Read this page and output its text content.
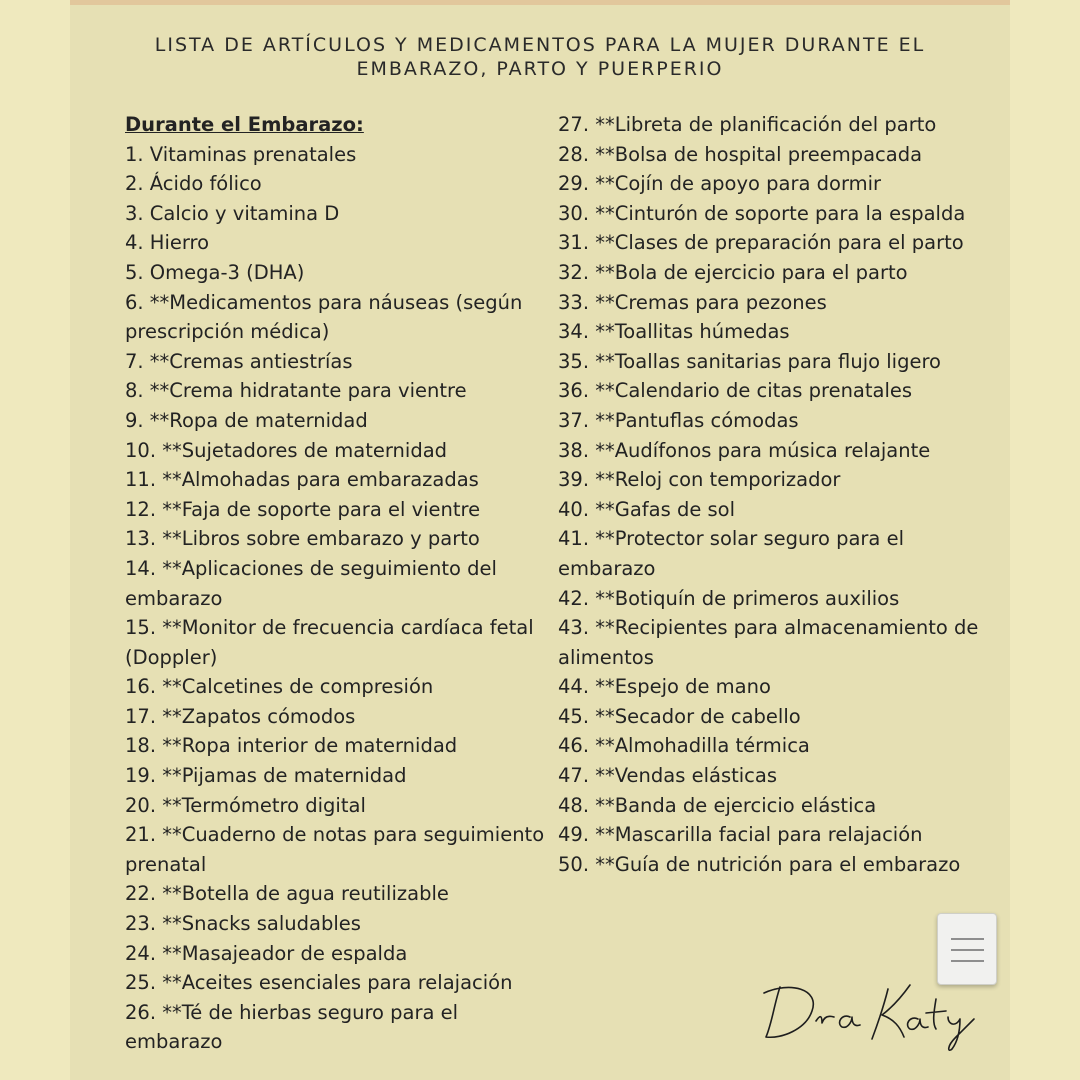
LISTA DE ARTÍCULOS Y MEDICAMENTOS PARA LA MUJER DURANTE EL
EMBARAZO, PARTO Y PUERPERIO
Durante el Embarazo:
1. Vitaminas prenatales
2. Ácido fólico
3. Calcio y vitamina D
4. Hierro
5. Omega-3 (DHA)
6. **Medicamentos para náuseas (según prescripción médica)
7. **Cremas antiestrías
8. **Crema hidratante para vientre
9. **Ropa de maternidad
10. **Sujetadores de maternidad
11. **Almohadas para embarazadas
12. **Faja de soporte para el vientre
13. **Libros sobre embarazo y parto
14. **Aplicaciones de seguimiento del embarazo
15. **Monitor de frecuencia cardíaca fetal (Doppler)
16. **Calcetines de compresión
17. **Zapatos cómodos
18. **Ropa interior de maternidad
19. **Pijamas de maternidad
20. **Termómetro digital
21. **Cuaderno de notas para seguimiento prenatal
22. **Botella de agua reutilizable
23. **Snacks saludables
24. **Masajeador de espalda
25. **Aceites esenciales para relajación
26. **Té de hierbas seguro para el embarazo
27. **Libreta de planificación del parto
28. **Bolsa de hospital preempacada
29. **Cojín de apoyo para dormir
30. **Cinturón de soporte para la espalda
31. **Clases de preparación para el parto
32. **Bola de ejercicio para el parto
33. **Cremas para pezones
34. **Toallitas húmedas
35. **Toallas sanitarias para flujo ligero
36. **Calendario de citas prenatales
37. **Pantuflas cómodas
38. **Audífonos para música relajante
39. **Reloj con temporizador
40. **Gafas de sol
41. **Protector solar seguro para el embarazo
42. **Botiquín de primeros auxilios
43. **Recipientes para almacenamiento de alimentos
44. **Espejo de mano
45. **Secador de cabello
46. **Almohadilla térmica
47. **Vendas elásticas
48. **Banda de ejercicio elástica
49. **Mascarilla facial para relajación
50. **Guía de nutrición para el embarazo
